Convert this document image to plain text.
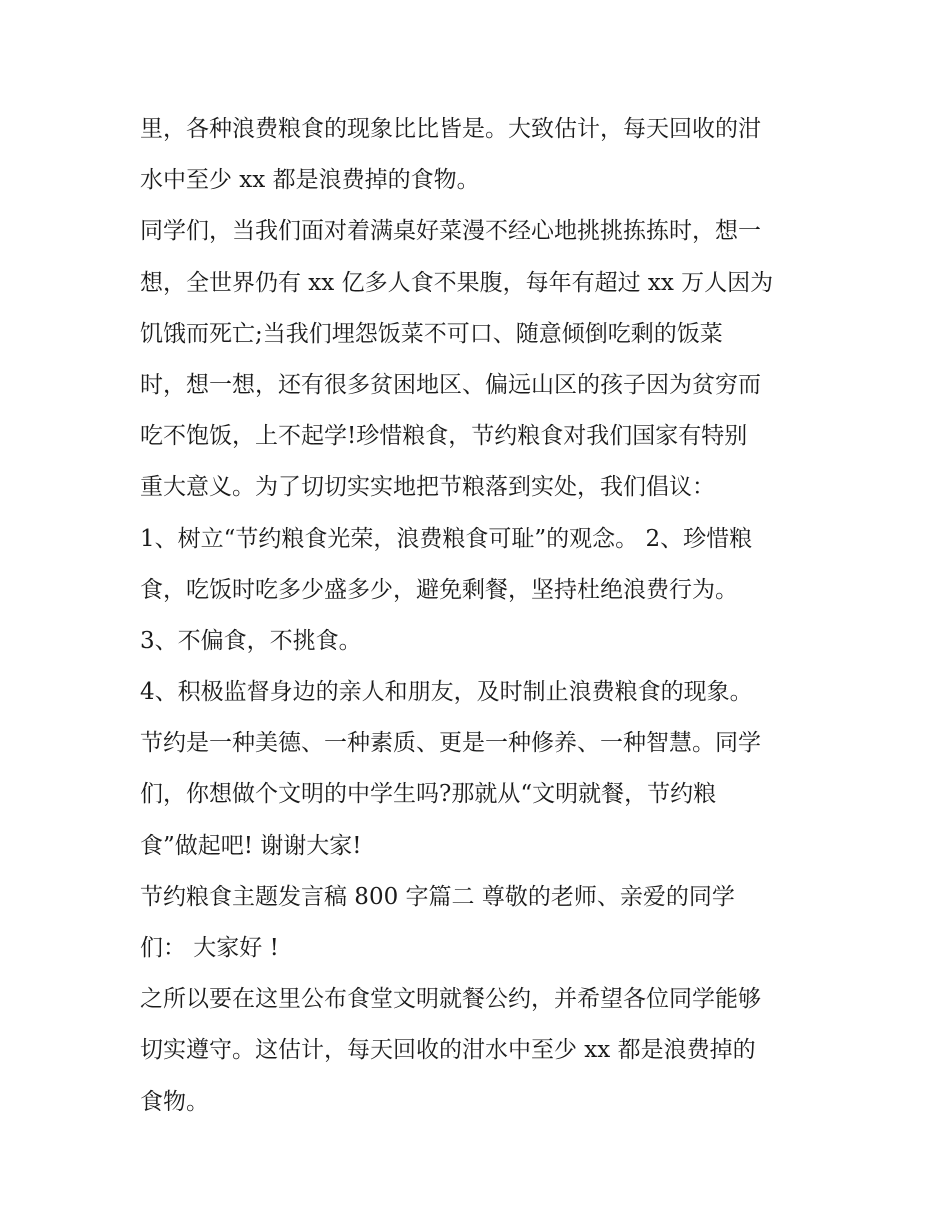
里，各种浪费粮食的现象比比皆是。大致估计，每天回收的泔
水中至少 xx 都是浪费掉的食物。
同学们，当我们面对着满桌好菜漫不经心地挑挑拣拣时，想一
想，全世界仍有 xx 亿多人食不果腹，每年有超过 xx 万人因为
饥饿而死亡;当我们埋怨饭菜不可口、随意倾倒吃剩的饭菜
时，想一想，还有很多贫困地区、偏远山区的孩子因为贫穷而
吃不饱饭，上不起学!珍惜粮食，节约粮食对我们国家有特别
重大意义。为了切切实实地把节粮落到实处，我们倡议：
1、树立“节约粮食光荣，浪费粮食可耻”的观念。 2、珍惜粮
食，吃饭时吃多少盛多少，避免剩餐，坚持杜绝浪费行为。
3、不偏食，不挑食。
4、积极监督身边的亲人和朋友，及时制止浪费粮食的现象。
节约是一种美德、一种素质、更是一种修养、一种智慧。同学
们，你想做个文明的中学生吗?那就从“文明就餐，节约粮
食”做起吧! 谢谢大家!
节约粮食主题发言稿 800 字篇二 尊敬的老师、亲爱的同学
们： 大家好 !
之所以要在这里公布食堂文明就餐公约，并希望各位同学能够
切实遵守。这估计，每天回收的泔水中至少 xx 都是浪费掉的
食物。
